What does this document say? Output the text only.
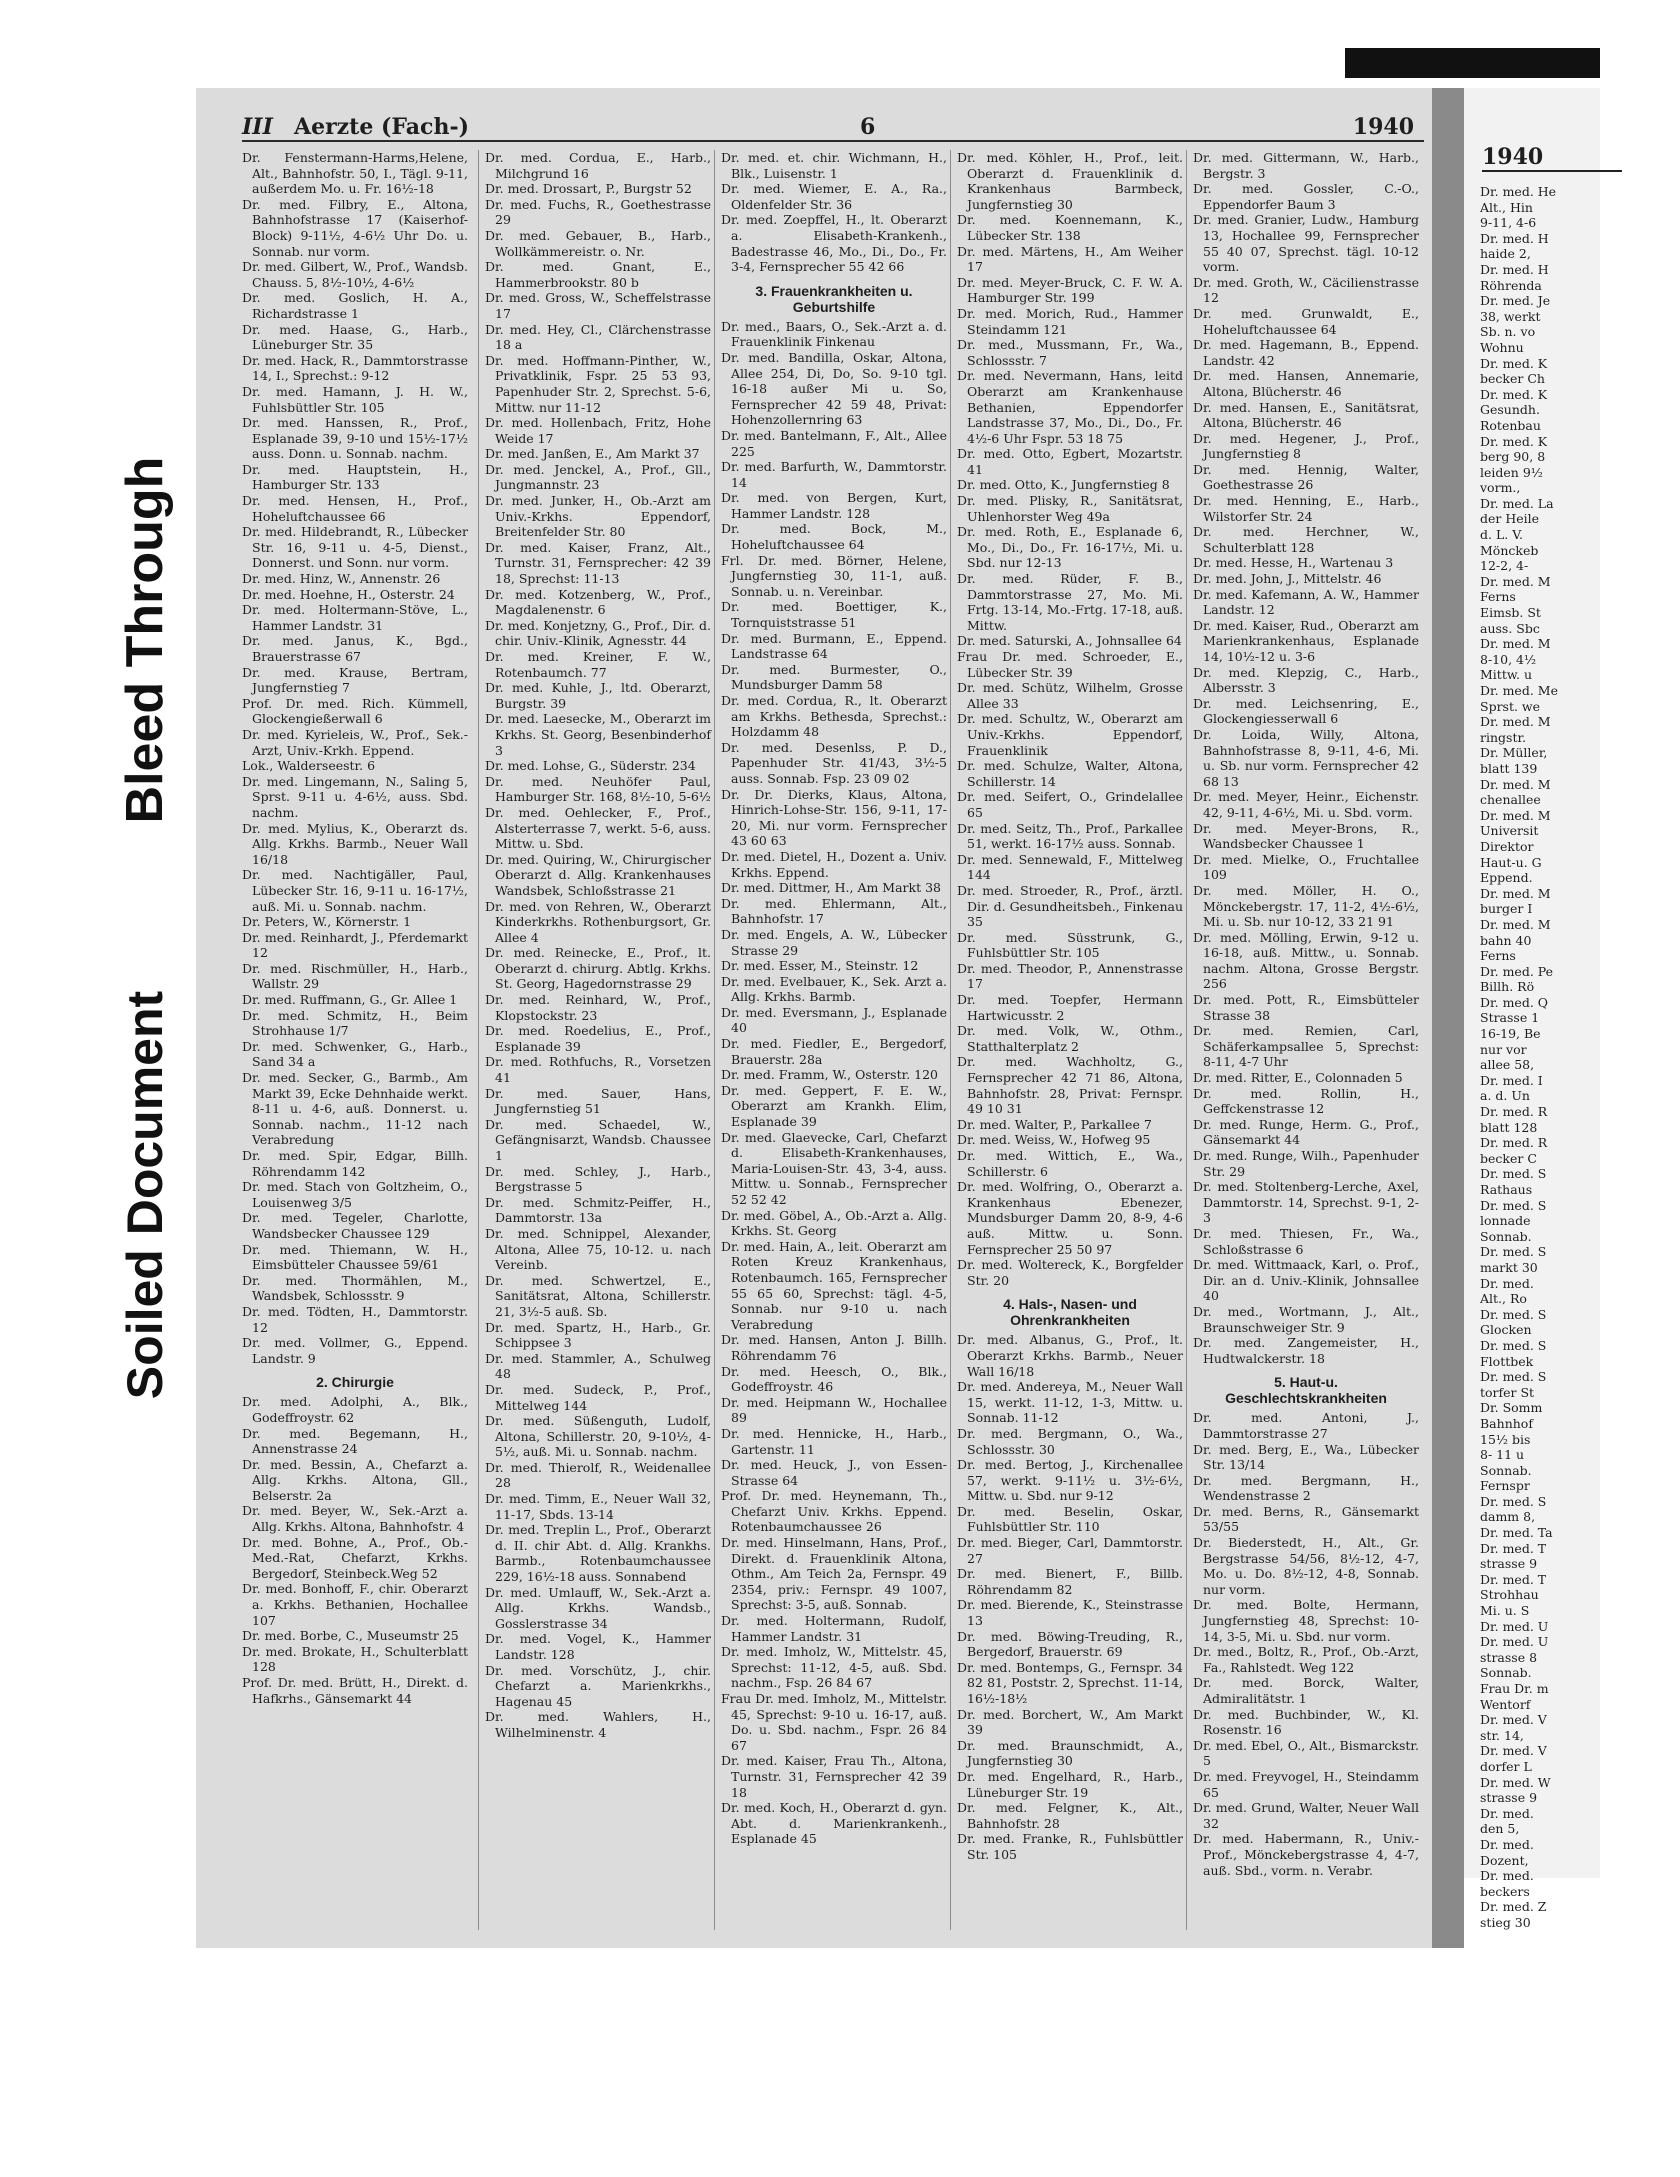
Bleed Through
Soiled Document
III Aerzte (Fach-)	6	1940
Dr. Fenstermann-Harms,Helene, Alt., Bahnhofstr. 50, I., Tägl. 9-11, außerdem Mo. u. Fr. 16½-18
Dr. med. Filbry, E., Altona, Bahnhofstrasse 17 (Kaiserhof-Block) 9-11½, 4-6½ Uhr Do. u. Sonnab. nur vorm.
Dr. med. Gilbert, W., Prof., Wandsb. Chauss. 5, 8½-10½, 4-6½
Dr. med. Goslich, H. A., Richardstrasse 1
Dr. med. Haase, G., Harb., Lüneburger Str. 35
Dr. med. Hack, R., Dammtorstrasse 14, I., Sprechst.: 9-12
Dr. med. Hamann, J. H. W., Fuhlsbüttler Str. 105
Dr. med. Hanssen, R., Prof., Esplanade 39, 9-10 und 15½-17½ auss. Donn. u. Sonnab. nachm.
Dr. med. Hauptstein, H., Hamburger Str. 133
Dr. med. Hensen, H., Prof., Hoheluftchaussee 66
Dr. med. Hildebrandt, R., Lübecker Str. 16, 9-11 u. 4-5, Dienst., Donnerst. und Sonn. nur vorm.
Dr. med. Hinz, W., Annenstr. 26
Dr. med. Hoehne, H., Osterstr. 24
Dr. med. Holtermann-Stöve, L., Hammer Landstr. 31
Dr. med. Janus, K., Bgd., Brauerstrasse 67
Dr. med. Krause, Bertram, Jungfernstieg 7
Prof. Dr. med. Rich. Kümmell, Glockengießerwall 6
Dr. med. Kyrieleis, W., Prof., Sek.-Arzt, Univ.-Krkh. Eppend.
Lok., Walderseestr. 6
Dr. med. Lingemann, N., Saling 5, Sprst. 9-11 u. 4-6½, auss. Sbd. nachm.
Dr. med. Mylius, K., Oberarzt ds. Allg. Krkhs. Barmb., Neuer Wall 16/18
Dr. med. Nachtigäller, Paul, Lübecker Str. 16, 9-11 u. 16-17½, auß. Mi. u. Sonnab. nachm.
Dr. Peters, W., Körnerstr. 1
Dr. med. Reinhardt, J., Pferdemarkt 12
Dr. med. Rischmüller, H., Harb., Wallstr. 29
Dr. med. Ruffmann, G., Gr. Allee 1
Dr. med. Schmitz, H., Beim Strohhause 1/7
Dr. med. Schwenker, G., Harb., Sand 34 a
Dr. med. Secker, G., Barmb., Am Markt 39, Ecke Dehnhaide werkt. 8-11 u. 4-6, auß. Donnerst. u. Sonnab. nachm., 11-12 nach Verabredung
Dr. med. Spir, Edgar, Billh. Röhrendamm 142
Dr. med. Stach von Goltzheim, O., Louisenweg 3/5
Dr. med. Tegeler, Charlotte, Wandsbecker Chaussee 129
Dr. med. Thiemann, W. H., Eimsbütteler Chaussee 59/61
Dr. med. Thormählen, M., Wandsbek, Schlossstr. 9
Dr. med. Tödten, H., Dammtorstr. 12
Dr. med. Vollmer, G., Eppend. Landstr. 9
2. Chirurgie
Dr. med. Adolphi, A., Blk., Godeffroystr. 62
Dr. med. Begemann, H., Annenstrasse 24
Dr. med. Bessin, A., Chefarzt a. Allg. Krkhs. Altona, Gll., Belserstr. 2a
Dr. med. Beyer, W., Sek.-Arzt a. Allg. Krkhs. Altona, Bahnhofstr. 4
Dr. med. Bohne, A., Prof., Ob.-Med.-Rat, Chefarzt, Krkhs. Bergedorf, Steinbeck.Weg 52
Dr. med. Bonhoff, F., chir. Oberarzt a. Krkhs. Bethanien, Hochallee 107
Dr. med. Borbe, C., Museumstr 25
Dr. med. Brokate, H., Schulterblatt 128
Prof. Dr. med. Brütt, H., Direkt. d. Hafkrhs., Gänsemarkt 44
Dr. med. Cordua, E., Harb., Milchgrund 16
Dr. med. Drossart, P., Burgstr 52
Dr. med. Fuchs, R., Goethestrasse 29
Dr. med. Gebauer, B., Harb., Wollkämmereistr. o. Nr.
Dr. med. Gnant, E., Hammerbrookstr. 80 b
Dr. med. Gross, W., Scheffelstrasse 17
Dr. med. Hey, Cl., Clärchenstrasse 18 a
Dr. med. Hoffmann-Pinther, W., Privatklinik, Fspr. 25 53 93, Papenhuder Str. 2, Sprechst. 5-6, Mittw. nur 11-12
Dr. med. Hollenbach, Fritz, Hohe Weide 17
Dr. med. Janßen, E., Am Markt 37
Dr. med. Jenckel, A., Prof., Gll., Jungmannstr. 23
Dr. med. Junker, H., Ob.-Arzt am Univ.-Krkhs. Eppendorf, Breitenfelder Str. 80
Dr. med. Kaiser, Franz, Alt., Turnstr. 31, Fernsprecher: 42 39 18, Sprechst: 11-13
Dr. med. Kotzenberg, W., Prof., Magdalenenstr. 6
Dr. med. Konjetzny, G., Prof., Dir. d. chir. Univ.-Klinik, Agnesstr. 44
Dr. med. Kreiner, F. W., Rotenbaumch. 77
Dr. med. Kuhle, J., ltd. Oberarzt, Burgstr. 39
Dr. med. Laesecke, M., Oberarzt im Krkhs. St. Georg, Besenbinderhof 3
Dr. med. Lohse, G., Süderstr. 234
Dr. med. Neuhöfer Paul, Hamburger Str. 168, 8½-10, 5-6½
Dr. med. Oehlecker, F., Prof., Alsterterrasse 7, werkt. 5-6, auss. Mittw. u. Sbd.
Dr. med. Quiring, W., Chirurgischer Oberarzt d. Allg. Krankenhauses Wandsbek, Schloßstrasse 21
Dr. med. von Rehren, W., Oberarzt Kinderkrkhs. Rothenburgsort, Gr. Allee 4
Dr. med. Reinecke, E., Prof., lt. Oberarzt d. chirurg. Abtlg. Krkhs. St. Georg, Hagedornstrasse 29
Dr. med. Reinhard, W., Prof., Klopstockstr. 23
Dr. med. Roedelius, E., Prof., Esplanade 39
Dr. med. Rothfuchs, R., Vorsetzen 41
Dr. med. Sauer, Hans, Jungfernstieg 51
Dr. med. Schaedel, W., Gefängnisarzt, Wandsb. Chaussee 1
Dr. med. Schley, J., Harb., Bergstrasse 5
Dr. med. Schmitz-Peiffer, H., Dammtorstr. 13a
Dr. med. Schnippel, Alexander, Altona, Allee 75, 10-12. u. nach Vereinb.
Dr. med. Schwertzel, E., Sanitätsrat, Altona, Schillerstr. 21, 3½-5 auß. Sb.
Dr. med. Spartz, H., Harb., Gr. Schippsee 3
Dr. med. Stammler, A., Schulweg 48
Dr. med. Sudeck, P., Prof., Mittelweg 144
Dr. med. Süßenguth, Ludolf, Altona, Schillerstr. 20, 9-10½, 4-5½, auß. Mi. u. Sonnab. nachm.
Dr. med. Thierolf, R., Weidenallee 28
Dr. med. Timm, E., Neuer Wall 32, 11-17, Sbds. 13-14
Dr. med. Treplin L., Prof., Oberarzt d. II. chir Abt. d. Allg. Krankhs. Barmb., Rotenbaumchaussee 229, 16½-18 auss. Sonnabend
Dr. med. Umlauff, W., Sek.-Arzt a. Allg. Krkhs. Wandsb., Gosslerstrasse 34
Dr. med. Vogel, K., Hammer Landstr. 128
Dr. med. Vorschütz, J., chir. Chefarzt a. Marienkrkhs., Hagenau 45
Dr. med. Wahlers, H., Wilhelminenstr. 4
Dr. med. et. chir. Wichmann, H., Blk., Luisenstr. 1
Dr. med. Wiemer, E. A., Ra., Oldenfelder Str. 36
Dr. med. Zoepffel, H., lt. Oberarzt a. Elisabeth-Krankenh., Badestrasse 46, Mo., Di., Do., Fr. 3-4, Fernsprecher 55 42 66
3. Frauenkrankheiten u. Geburtshilfe
Dr. med., Baars, O., Sek.-Arzt a. d. Frauenklinik Finkenau
Dr. med. Bandilla, Oskar, Altona, Allee 254, Di, Do, So. 9-10 tgl. 16-18 außer Mi u. So, Fernsprecher 42 59 48, Privat: Hohenzollernring 63
Dr. med. Bantelmann, F., Alt., Allee 225
Dr. med. Barfurth, W., Dammtorstr. 14
Dr. med. von Bergen, Kurt, Hammer Landstr. 128
Dr. med. Bock, M., Hoheluftchaussee 64
Frl. Dr. med. Börner, Helene, Jungfernstieg 30, 11-1, auß. Sonnab. u. n. Vereinbar.
Dr. med. Boettiger, K., Tornquiststrasse 51
Dr. med. Burmann, E., Eppend. Landstrasse 64
Dr. med. Burmester, O., Mundsburger Damm 58
Dr. med. Cordua, R., lt. Oberarzt am Krkhs. Bethesda, Sprechst.: Holzdamm 48
Dr. med. Desenlss, P. D., Papenhuder Str. 41/43, 3½-5 auss. Sonnab. Fsp. 23 09 02
Dr. Dr. Dierks, Klaus, Altona, Hinrich-Lohse-Str. 156, 9-11, 17-20, Mi. nur vorm. Fernsprecher 43 60 63
Dr. med. Dietel, H., Dozent a. Univ. Krkhs. Eppend.
Dr. med. Dittmer, H., Am Markt 38
Dr. med. Ehlermann, Alt., Bahnhofstr. 17
Dr. med. Engels, A. W., Lübecker Strasse 29
Dr. med. Esser, M., Steinstr. 12
Dr. med. Evelbauer, K., Sek. Arzt a. Allg. Krkhs. Barmb.
Dr. med. Eversmann, J., Esplanade 40
Dr. med. Fiedler, E., Bergedorf, Brauerstr. 28a
Dr. med. Framm, W., Osterstr. 120
Dr. med. Geppert, F. E. W., Oberarzt am Krankh. Elim, Esplanade 39
Dr. med. Glaevecke, Carl, Chefarzt d. Elisabeth-Krankenhauses, Maria-Louisen-Str. 43, 3-4, auss. Mittw. u. Sonnab., Fernsprecher 52 52 42
Dr. med. Göbel, A., Ob.-Arzt a. Allg. Krkhs. St. Georg
Dr. med. Hain, A., leit. Oberarzt am Roten Kreuz Krankenhaus, Rotenbaumch. 165, Fernsprecher 55 65 60, Sprechst: tägl. 4-5, Sonnab. nur 9-10 u. nach Verabredung
Dr. med. Hansen, Anton J. Billh. Röhrendamm 76
Dr. med. Heesch, O., Blk., Godeffroystr. 46
Dr. med. Heipmann W., Hochallee 89
Dr. med. Hennicke, H., Harb., Gartenstr. 11
Dr. med. Heuck, J., von Essen-Strasse 64
Prof. Dr. med. Heynemann, Th., Chefarzt Univ. Krkhs. Eppend. Rotenbaumchaussee 26
Dr. med. Hinselmann, Hans, Prof., Direkt. d. Frauenklinik Altona, Othm., Am Teich 2a, Fernspr. 49 2354, priv.: Fernspr. 49 1007, Sprechst: 3-5, auß. Sonnab.
Dr. med. Holtermann, Rudolf, Hammer Landstr. 31
Dr. med. Imholz, W., Mittelstr. 45, Sprechst: 11-12, 4-5, auß. Sbd. nachm., Fsp. 26 84 67
Frau Dr. med. Imholz, M., Mittelstr. 45, Sprechst: 9-10 u. 16-17, auß. Do. u. Sbd. nachm., Fspr. 26 84 67
Dr. med. Kaiser, Frau Th., Altona, Turnstr. 31, Fernsprecher 42 39 18
Dr. med. Koch, H., Oberarzt d. gyn. Abt. d. Marienkrankenh., Esplanade 45
Dr. med. Köhler, H., Prof., leit. Oberarzt d. Frauenklinik d. Krankenhaus Barmbeck, Jungfernstieg 30
Dr. med. Koennemann, K., Lübecker Str. 138
Dr. med. Märtens, H., Am Weiher 17
Dr. med. Meyer-Bruck, C. F. W. A. Hamburger Str. 199
Dr. med. Morich, Rud., Hammer Steindamm 121
Dr. med., Mussmann, Fr., Wa., Schlossstr. 7
Dr. med. Nevermann, Hans, leitd Oberarzt am Krankenhause Bethanien, Eppendorfer Landstrasse 37, Mo., Di., Do., Fr. 4½-6 Uhr Fspr. 53 18 75
Dr. med. Otto, Egbert, Mozartstr. 41
Dr. med. Otto, K., Jungfernstieg 8
Dr. med. Plisky, R., Sanitätsrat, Uhlenhorster Weg 49a
Dr. med. Roth, E., Esplanade 6, Mo., Di., Do., Fr. 16-17½, Mi. u. Sbd. nur 12-13
Dr. med. Rüder, F. B., Dammtorstrasse 27, Mo. Mi. Frtg. 13-14, Mo.-Frtg. 17-18, auß. Mittw.
Dr. med. Saturski, A., Johnsallee 64
Frau Dr. med. Schroeder, E., Lübecker Str. 39
Dr. med. Schütz, Wilhelm, Grosse Allee 33
Dr. med. Schultz, W., Oberarzt am Univ.-Krkhs. Eppendorf, Frauenklinik
Dr. med. Schulze, Walter, Altona, Schillerstr. 14
Dr. med. Seifert, O., Grindelallee 65
Dr. med. Seitz, Th., Prof., Parkallee 51, werkt. 16-17½ auss. Sonnab.
Dr. med. Sennewald, F., Mittelweg 144
Dr. med. Stroeder, R., Prof., ärztl. Dir. d. Gesundheitsbeh., Finkenau 35
Dr. med. Süsstrunk, G., Fuhlsbüttler Str. 105
Dr. med. Theodor, P., Annenstrasse 17
Dr. med. Toepfer, Hermann Hartwicusstr. 2
Dr. med. Volk, W., Othm., Statthalterplatz 2
Dr. med. Wachholtz, G., Fernsprecher 42 71 86, Altona, Bahnhofstr. 28, Privat: Fernspr. 49 10 31
Dr. med. Walter, P., Parkallee 7
Dr. med. Weiss, W., Hofweg 95
Dr. med. Wittich, E., Wa., Schillerstr. 6
Dr. med. Wolfring, O., Oberarzt a. Krankenhaus Ebenezer, Mundsburger Damm 20, 8-9, 4-6 auß. Mittw. u. Sonn. Fernsprecher 25 50 97
Dr. med. Woltereck, K., Borgfelder Str. 20
4. Hals-, Nasen- und Ohrenkrankheiten
Dr. med. Albanus, G., Prof., lt. Oberarzt Krkhs. Barmb., Neuer Wall 16/18
Dr. med. Andereya, M., Neuer Wall 15, werkt. 11-12, 1-3, Mittw. u. Sonnab. 11-12
Dr. med. Bergmann, O., Wa., Schlossstr. 30
Dr. med. Bertog, J., Kirchenallee 57, werkt. 9-11½ u. 3½-6½, Mittw. u. Sbd. nur 9-12
Dr. med. Beselin, Oskar, Fuhlsbüttler Str. 110
Dr. med. Bieger, Carl, Dammtorstr. 27
Dr. med. Bienert, F., Billb. Röhrendamm 82
Dr. med. Bierende, K., Steinstrasse 13
Dr. med. Böwing-Treuding, R., Bergedorf, Brauerstr. 69
Dr. med. Bontemps, G., Fernspr. 34 82 81, Poststr. 2, Sprechst. 11-14, 16½-18½
Dr. med. Borchert, W., Am Markt 39
Dr. med. Braunschmidt, A., Jungfernstieg 30
Dr. med. Engelhard, R., Harb., Lüneburger Str. 19
Dr. med. Felgner, K., Alt., Bahnhofstr. 28
Dr. med. Franke, R., Fuhlsbüttler Str. 105
Dr. med. Gittermann, W., Harb., Bergstr. 3
Dr. med. Gossler, C.-O., Eppendorfer Baum 3
Dr. med. Granier, Ludw., Hamburg 13, Hochallee 99, Fernsprecher 55 40 07, Sprechst. tägl. 10-12 vorm.
Dr. med. Groth, W., Cäcilienstrasse 12
Dr. med. Grunwaldt, E., Hoheluftchaussee 64
Dr. med. Hagemann, B., Eppend. Landstr. 42
Dr. med. Hansen, Annemarie, Altona, Blücherstr. 46
Dr. med. Hansen, E., Sanitätsrat, Altona, Blücherstr. 46
Dr. med. Hegener, J., Prof., Jungfernstieg 8
Dr. med. Hennig, Walter, Goethestrasse 26
Dr. med. Henning, E., Harb., Wilstorfer Str. 24
Dr. med. Herchner, W., Schulterblatt 128
Dr. med. Hesse, H., Wartenau 3
Dr. med. John, J., Mittelstr. 46
Dr. med. Kafemann, A. W., Hammer Landstr. 12
Dr. med. Kaiser, Rud., Oberarzt am Marienkrankenhaus, Esplanade 14, 10½-12 u. 3-6
Dr. med. Klepzig, C., Harb., Albersstr. 3
Dr. med. Leichsenring, E., Glockengiesserwall 6
Dr. Loida, Willy, Altona, Bahnhofstrasse 8, 9-11, 4-6, Mi. u. Sb. nur vorm. Fernsprecher 42 68 13
Dr. med. Meyer, Heinr., Eichenstr. 42, 9-11, 4-6½, Mi. u. Sbd. vorm.
Dr. med. Meyer-Brons, R., Wandsbecker Chaussee 1
Dr. med. Mielke, O., Fruchtallee 109
Dr. med. Möller, H. O., Mönckebergstr. 17, 11-2, 4½-6½, Mi. u. Sb. nur 10-12, 33 21 91
Dr. med. Mölling, Erwin, 9-12 u. 16-18, auß. Mittw., u. Sonnab. nachm. Altona, Grosse Bergstr. 256
Dr. med. Pott, R., Eimsbütteler Strasse 38
Dr. med. Remien, Carl, Schäferkampsallee 5, Sprechst: 8-11, 4-7 Uhr
Dr. med. Ritter, E., Colonnaden 5
Dr. med. Rollin, H., Geffckenstrasse 12
Dr. med. Runge, Herm. G., Prof., Gänsemarkt 44
Dr. med. Runge, Wilh., Papenhuder Str. 29
Dr. med. Stoltenberg-Lerche, Axel, Dammtorstr. 14, Sprechst. 9-1, 2-3
Dr. med. Thiesen, Fr., Wa., Schloßstrasse 6
Dr. med. Wittmaack, Karl, o. Prof., Dir. an d. Univ.-Klinik, Johnsallee 40
Dr. med., Wortmann, J., Alt., Braunschweiger Str. 9
Dr. med. Zangemeister, H., Hudtwalckerstr. 18
5. Haut-u. Geschlechtskrankheiten
Dr. med. Antoni, J., Dammtorstrasse 27
Dr. med. Berg, E., Wa., Lübecker Str. 13/14
Dr. med. Bergmann, H., Wendenstrasse 2
Dr. med. Berns, R., Gänsemarkt 53/55
Dr. Biederstedt, H., Alt., Gr. Bergstrasse 54/56, 8½-12, 4-7, Mo. u. Do. 8½-12, 4-8, Sonnab. nur vorm.
Dr. med. Bolte, Hermann, Jungfernstieg 48, Sprechst: 10-14, 3-5, Mi. u. Sbd. nur vorm.
Dr. med., Boltz, R., Prof., Ob.-Arzt, Fa., Rahlstedt. Weg 122
Dr. med. Borck, Walter, Admiralitätstr. 1
Dr. med. Buchbinder, W., Kl. Rosenstr. 16
Dr. med. Ebel, O., Alt., Bismarckstr. 5
Dr. med. Freyvogel, H., Steindamm 65
Dr. med. Grund, Walter, Neuer Wall 32
Dr. med. Habermann, R., Univ.-Prof., Mönckebergstrasse 4, 4-7, auß. Sbd., vorm. n. Verabr.
1940
Dr. med. He
Alt., Hin
9-11, 4-6
Dr. med. H
haide 2,
Dr. med. H
Röhrenda
Dr. med. Je
38, werkt
Sb. n. vo
Wohnu
Dr. med. K
becker Ch
Dr. med. K
Gesundh.
Rotenbau
Dr. med. K
berg 90, 8
leiden 9½
vorm.,
Dr. med. La
der Heile
d. L. V.
Mönckeb
12-2, 4-
Dr. med. M
Ferns
Eimsb. St
auss. Sbc
Dr. med. M
8-10, 4½
Mittw. u
Dr. med. Me
Sprst. we
Dr. med. M
ringstr.
Dr. Müller,
blatt 139
Dr. med. M
chenallee
Dr. med. M
Universit
Direktor
Haut-u. G
Eppend.
Dr. med. M
burger I
Dr. med. M
bahn 40
Ferns
Dr. med. Pe
Billh. Rö
Dr. med. Q
Strasse 1
16-19, Be
nur vor
allee 58,
Dr. med. I
a. d. Un
Dr. med. R
blatt 128
Dr. med. R
becker C
Dr. med. S
Rathaus
Dr. med. S
lonnade
Sonnab.
Dr. med. S
markt 30
Dr. med.
Alt., Ro
Dr. med. S
Glocken
Dr. med. S
Flottbek
Dr. med. S
torfer St
Dr. Somm
Bahnhof
15½ bis
8- 11 u
Sonnab.
Fernspr
Dr. med. S
damm 8,
Dr. med. Ta
Dr. med. T
strasse 9
Dr. med. T
Strohhau
Mi. u. S
Dr. med. U
Dr. med. U
strasse 8
Sonnab.
Frau Dr. m
Wentorf
Dr. med. V
str. 14,
Dr. med. V
dorfer L
Dr. med. W
strasse 9
Dr. med.
den 5,
Dr. med.
Dozent,
Dr. med.
beckers
Dr. med. Z
stieg 30
